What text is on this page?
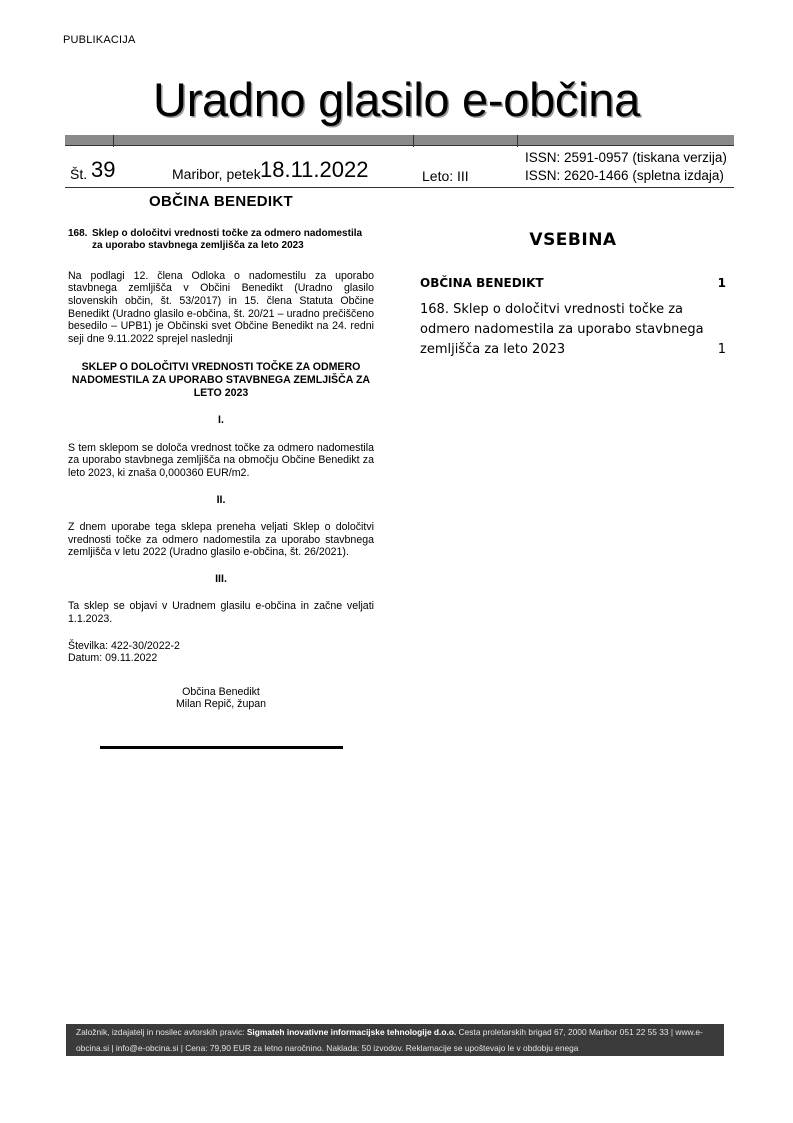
PUBLIKACIJA
Uradno glasilo e-občina
Št. 39	Maribor, petek 18.11.2022	Leto: III
ISSN: 2591-0957 (tiskana verzija)
ISSN: 2620-1466 (spletna izdaja)
OBČINA BENEDIKT
168. Sklep o določitvi vrednosti točke za odmero nadomestila za uporabo stavbnega zemljišča za leto 2023

Na podlagi 12. člena Odloka o nadomestilu za uporabo stavbnega zemljišča v Občini Benedikt (Uradno glasilo slovenskih občin, št. 53/2017) in 15. člena Statuta Občine Benedikt (Uradno glasilo e-občina, št. 20/21 – uradno prečiščeno besedilo – UPB1) je Občinski svet Občine Benedikt na 24. redni seji dne 9.11.2022 sprejel naslednji

SKLEP O DOLOČITVI VREDNOSTI TOČKE ZA ODMERO NADOMESTILA ZA UPORABO STAVBNEGA ZEMLJIŠČA ZA LETO 2023

I.

S tem sklepom se določa vrednost točke za odmero nadomestila za uporabo stavbnega zemljišča na območju Občine Benedikt za leto 2023, ki znaša 0,000360 EUR/m2.

II.

Z dnem uporabe tega sklepa preneha veljati Sklep o določitvi vrednosti točke za odmero nadomestila za uporabo stavbnega zemljišča v letu 2022 (Uradno glasilo e-občina, št. 26/2021).

III.

Ta sklep se objavi v Uradnem glasilu e-občina in začne veljati 1.1.2023.

Številka: 422-30/2022-2

Datum: 09.11.2022

Občina Benedikt
Milan Repič, župan
VSEBINA
OBČINA BENEDIKT	1
168. Sklep o določitvi vrednosti točke za odmero nadomestila za uporabo stavbnega zemljišča za leto 2023	1
Založnik, izdajatelj in nosilec avtorskih pravic: Sigmateh inovativne informacijske tehnologije d.o.o. Cesta proletarskih brigad 67, 2000 Maribor 051 22 55 33 | www.e-obcina.si | info@e-obcina.si | Cena: 79,90 EUR za letno naročnino. Naklada: 50 izvodov. Reklamacije se upoštevajo le v obdobju enega
